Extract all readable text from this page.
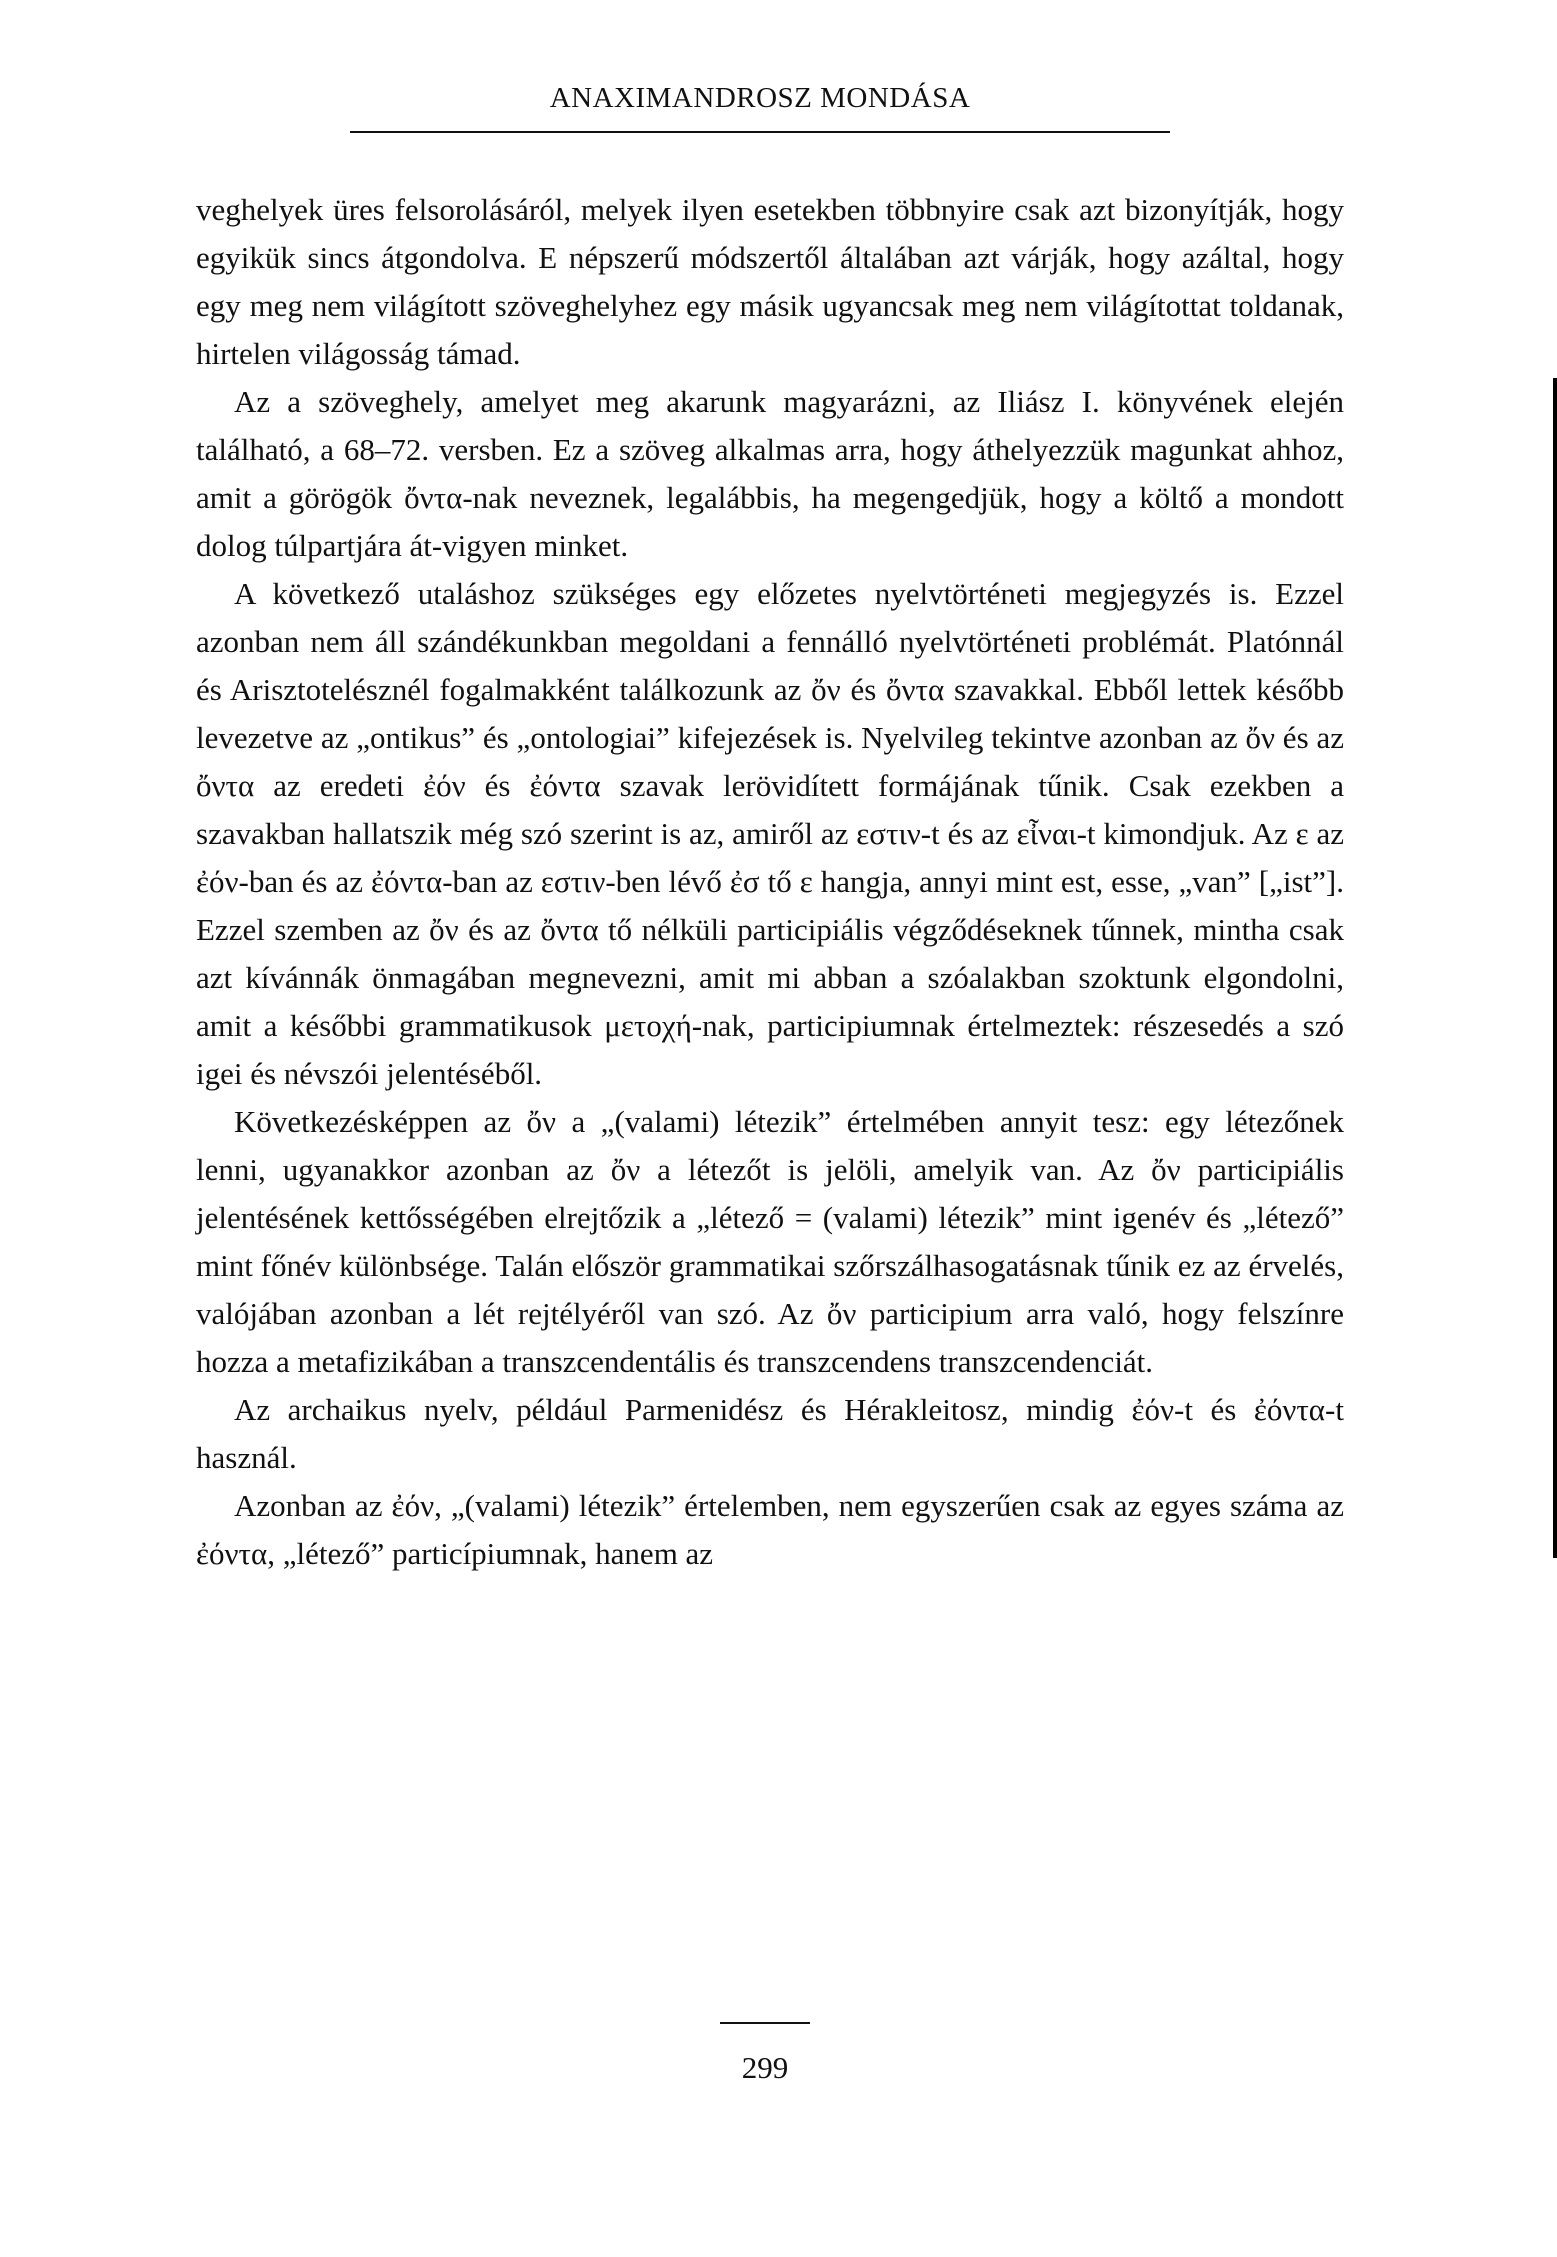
ANAXIMANDROSZ MONDÁSA

veghelyek üres felsorolásáról, melyek ilyen esetekben többnyire csak azt bizonyítják, hogy egyikük sincs átgondolva. E népszerű módszertől általában azt várják, hogy azáltal, hogy egy meg nem világított szöveghelyhez egy másik ugyancsak meg nem világítottat toldanak, hirtelen világosság támad.

Az a szöveghely, amelyet meg akarunk magyarázni, az Iliász I. könyvének elején található, a 68–72. versben. Ez a szöveg alkalmas arra, hogy áthelyezzük magunkat ahhoz, amit a görögök ὄντα-nak neveznek, legalábbis, ha megengedjük, hogy a költő a mondott dolog túlpartjára át-vigyen minket.

A következő utaláshoz szükséges egy előzetes nyelvtörténeti megjegyzés is. Ezzel azonban nem áll szándékunkban megoldani a fennálló nyelvtörténeti problémát. Platónnál és Arisztotelésznél fogalmakként találkozunk az ὄν és ὄντα szavakkal. Ebből lettek később levezetve az „ontikus” és „ontologiai” kifejezések is. Nyelvileg tekintve azonban az ὄν és az ὄντα az eredeti ἐόν és ἐόντα szavak lerövidített formájának tűnik. Csak ezekben a szavakban hallatszik még szó szerint is az, amiről az εστιν-t és az εἶναι-t kimondjuk. Az ε az ἐόν-ban és az ἐόντα-ban az εστιν-ben lévő ἐσ tő ε hangja, annyi mint est, esse, „van” [„ist”]. Ezzel szemben az ὄν és az ὄντα tő nélküli participiális végződéseknek tűnnek, mintha csak azt kívánnák önmagában megnevezni, amit mi abban a szóalakban szoktunk elgondolni, amit a későbbi grammatikusok μετοχή-nak, participiumnak értelmeztek: részesedés a szó igei és névszói jelentéséből.

Következésképpen az ὄν a „(valami) létezik” értelmében annyit tesz: egy létezőnek lenni, ugyanakkor azonban az ὄν a létezőt is jelöli, amelyik van. Az ὄν participiális jelentésének kettősségében elrejtőzik a „létező = (valami) létezik” mint igenév és „létező” mint főnév különbsége. Talán először grammatikai szőrszálhasogatásnak tűnik ez az érvelés, valójában azonban a lét rejtélyéről van szó. Az ὄν participium arra való, hogy felszínre hozza a metafizikában a transzcendentális és transzcendens transzcendenciát.

Az archaikus nyelv, például Parmenidész és Hérakleitosz, mindig ἐόν-t és ἐόντα-t használ.

Azonban az ἐόν, „(valami) létezik” értelemben, nem egyszerűen csak az egyes száma az ἐόντα, „létező” particípiumnak, hanem az

299
